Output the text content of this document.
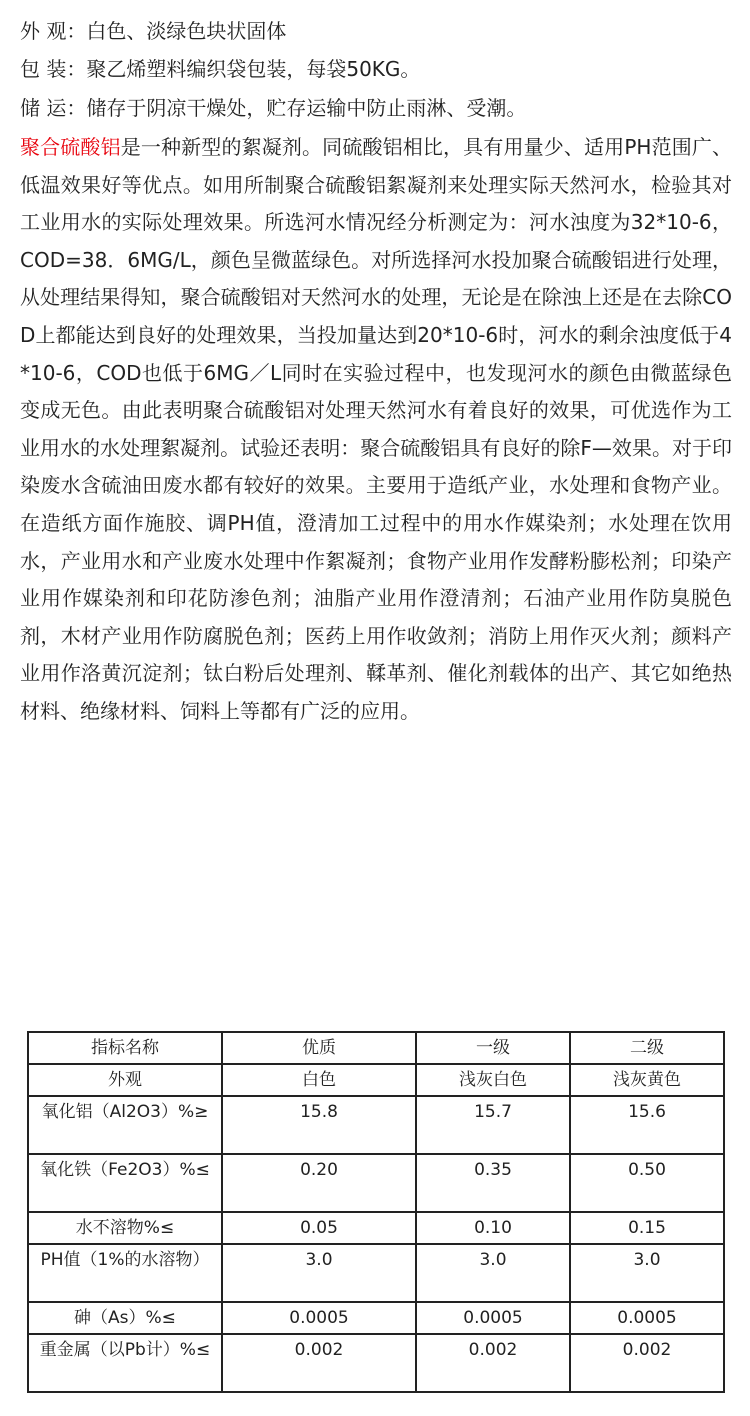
外 观：白色、淡绿色块状固体
包 装：聚乙烯塑料编织袋包装，每袋50KG。
储 运：储存于阴凉干燥处，贮存运输中防止雨淋、受潮。
聚合硫酸铝是一种新型的絮凝剂。同硫酸铝相比，具有用量少、适用PH范围广、低温效果好等优点。如用所制聚合硫酸铝絮凝剂来处理实际天然河水，检验其对工业用水的实际处理效果。所选河水情况经分析测定为：河水浊度为32*10-6，COD=38．6MG/L，颜色呈微蓝绿色。对所选择河水投加聚合硫酸铝进行处理，从处理结果得知，聚合硫酸铝对天然河水的处理，无论是在除浊上还是在去除COD上都能达到良好的处理效果，当投加量达到20*10-6时，河水的剩余浊度低于4*10-6，COD也低于6MG／L同时在实验过程中，也发现河水的颜色由微蓝绿色变成无色。由此表明聚合硫酸铝对处理天然河水有着良好的效果，可优选作为工业用水的水处理絮凝剂。试验还表明：聚合硫酸铝具有良好的除F—效果。对于印染废水含硫油田废水都有较好的效果。主要用于造纸产业，水处理和食物产业。在造纸方面作施胶、调PH值，澄清加工过程中的用水作媒染剂；水处理在饮用水，产业用水和产业废水处理中作絮凝剂；食物产业用作发酵粉膨松剂；印染产业用作媒染剂和印花防渗色剂；油脂产业用作澄清剂；石油产业用作防臭脱色剂，木材产业用作防腐脱色剂；医药上用作收敛剂；消防上用作灭火剂；颜料产业用作洛黄沉淀剂；钛白粉后处理剂、鞣革剂、催化剂载体的出产、其它如绝热材料、绝缘材料、饲料上等都有广泛的应用。
指标名称	优质	一级	二级
外观	白色	浅灰白色	浅灰黄色
氧化铝（Al2O3）%≥	15.8	15.7	15.6
氧化铁（Fe2O3）%≤	0.20	0.35	0.50
水不溶物%≤	0.05	0.10	0.15
PH值（1%的水溶物）	3.0	3.0	3.0
砷（As）%≤	0.0005	0.0005	0.0005
重金属（以Pb计）%≤	0.002	0.002	0.002
